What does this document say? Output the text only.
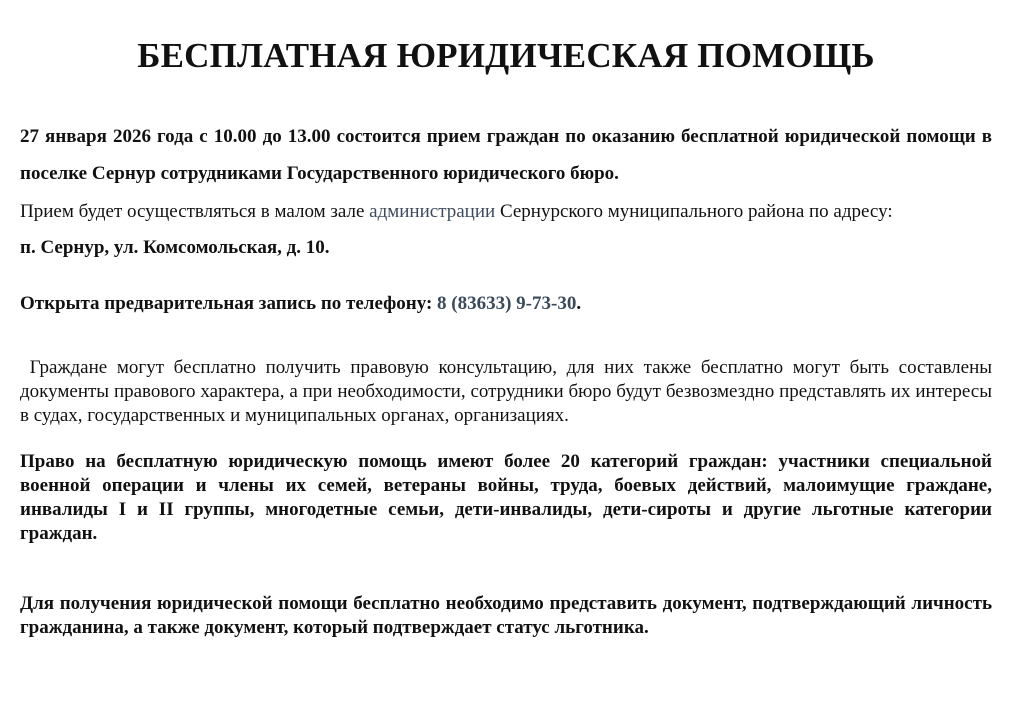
БЕСПЛАТНАЯ ЮРИДИЧЕСКАЯ ПОМОЩЬ

27 января 2026 года с 10.00 до 13.00 состоится прием граждан по оказанию бесплатной юридической помощи в поселке Сернур сотрудниками Государственного юридического бюро.

Прием будет осуществляться в малом зале администрации Сернурского муниципального района по адресу:

п. Сернур, ул. Комсомольская, д. 10.

Открыта предварительная запись по телефону: 8 (83633) 9-73-30.

Граждане могут бесплатно получить правовую консультацию, для них также бесплатно могут быть составлены документы правового характера, а при необходимости, сотрудники бюро будут безвозмездно представлять их интересы в судах, государственных и муниципальных органах, организациях.

Право на бесплатную юридическую помощь имеют более 20 категорий граждан: участники специальной военной операции и члены их семей, ветераны войны, труда, боевых действий, малоимущие граждане, инвалиды I и II группы, многодетные семьи, дети-инвалиды, дети-сироты и другие льготные категории граждан.

Для получения юридической помощи бесплатно необходимо представить документ, подтверждающий личность гражданина, а также документ, который подтверждает статус льготника.
